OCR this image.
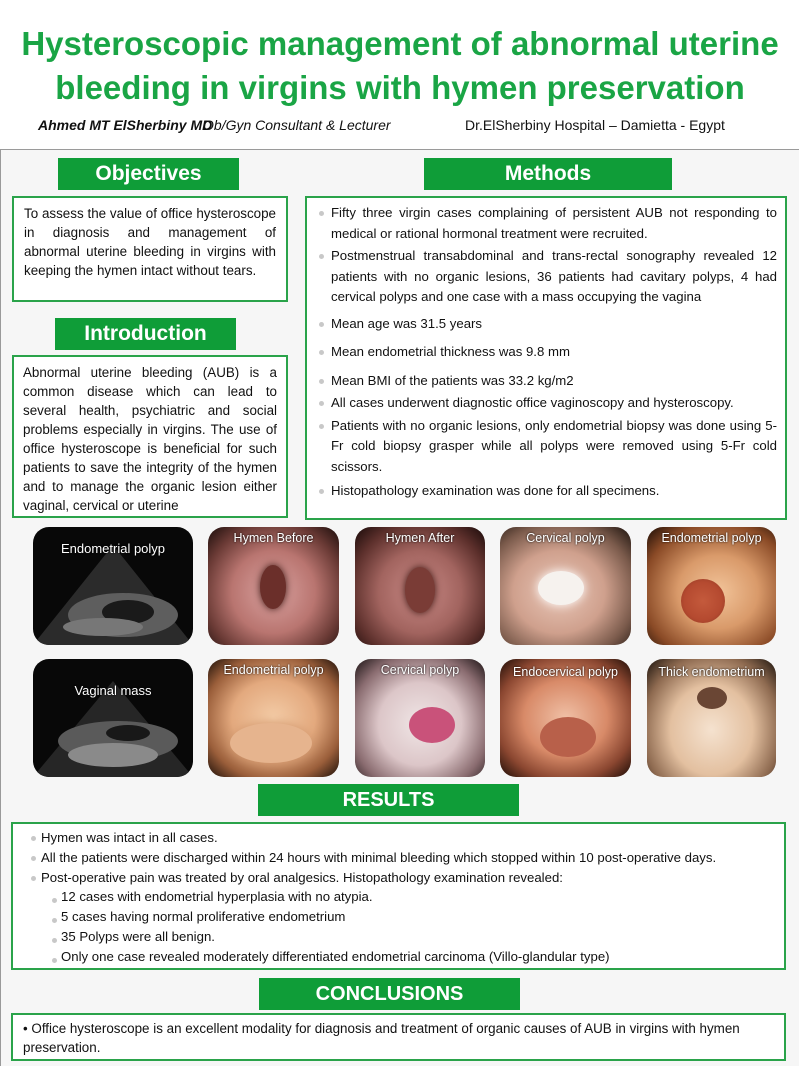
Hysteroscopic management of abnormal uterine
bleeding in virgins with hymen preservation
Ahmed MT ElSherbiny MD
Ob/Gyn Consultant & Lecturer	Dr.ElSherbiny Hospital – Damietta - Egypt
Objectives
To assess the value of office hysteroscope in diagnosis and management of abnormal uterine bleeding in virgins with keeping the hymen intact without tears.
Introduction
Abnormal uterine bleeding (AUB) is a common disease which can lead to several health, psychiatric and social problems especially in virgins. The use of office hysteroscope is beneficial for such patients to save the integrity of the hymen and to manage the organic lesion either vaginal, cervical or uterine
Methods
Fifty three virgin cases complaining of persistent AUB not responding to medical or rational hormonal treatment were recruited.
Postmenstrual transabdominal and trans-rectal sonography revealed 12 patients with no organic lesions, 36 patients had cavitary polyps, 4 had cervical polyps and one case with a mass occupying the vagina
Mean age was 31.5 years
Mean endometrial thickness was 9.8 mm
Mean BMI of the patients was 33.2 kg/m2
All cases underwent diagnostic office vaginoscopy and hysteroscopy.
Patients with no organic lesions, only endometrial biopsy was done using 5-Fr cold biopsy grasper while all polyps were removed using 5-Fr cold scissors.
Histopathology examination was done for all specimens.
Endometrial polyp
Hymen Before	Hymen After	Cervical polyp	Endometrial polyp
Vaginal mass
Endometrial polyp	Cervical polyp	Endocervical polyp	Thick endometrium
RESULTS
Hymen was intact in all cases.
All the patients were discharged within 24 hours with minimal bleeding which stopped within 10 post-operative days.
Post-operative pain was treated by oral analgesics. Histopathology examination revealed:
12 cases with endometrial hyperplasia with no atypia.
5 cases having normal proliferative endometrium
35 Polyps were all benign.
Only one case revealed moderately differentiated endometrial carcinoma (Villo-glandular type)
CONCLUSIONS
• Office hysteroscope is an excellent modality for diagnosis and treatment of organic causes of AUB in virgins with hymen preservation.
